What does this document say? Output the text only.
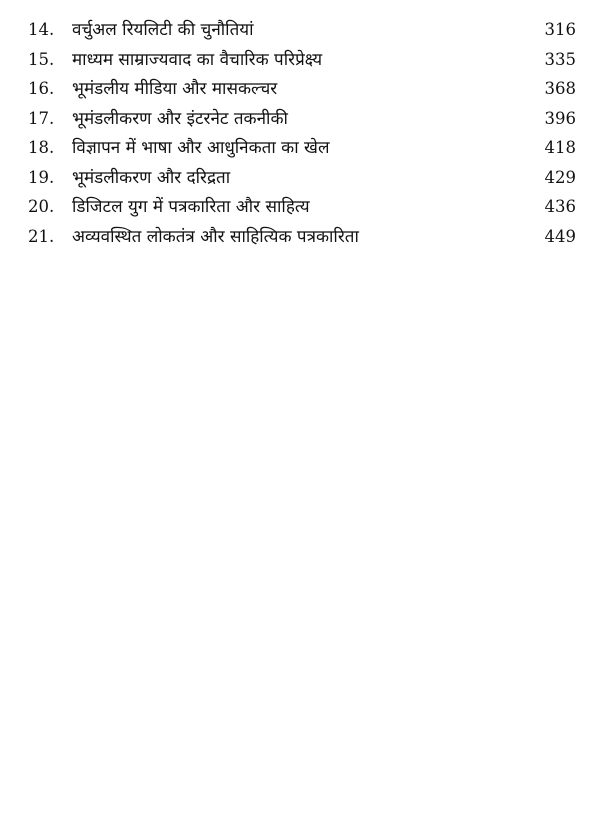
14.	वर्चुअल रियलिटी की चुनौतियां	316
15.	माध्यम साम्राज्यवाद का वैचारिक परिप्रेक्ष्य	335
16.	भूमंडलीय मीडिया और मासकल्चर	368
17.	भूमंडलीकरण और इंटरनेट तकनीकी	396
18.	विज्ञापन में भाषा और आधुनिकता का खेल	418
19.	भूमंडलीकरण और दरिद्रता	429
20.	डिजिटल युग में पत्रकारिता और साहित्य	436
21.	अव्यवस्थित लोकतंत्र और साहित्यिक पत्रकारिता	449
